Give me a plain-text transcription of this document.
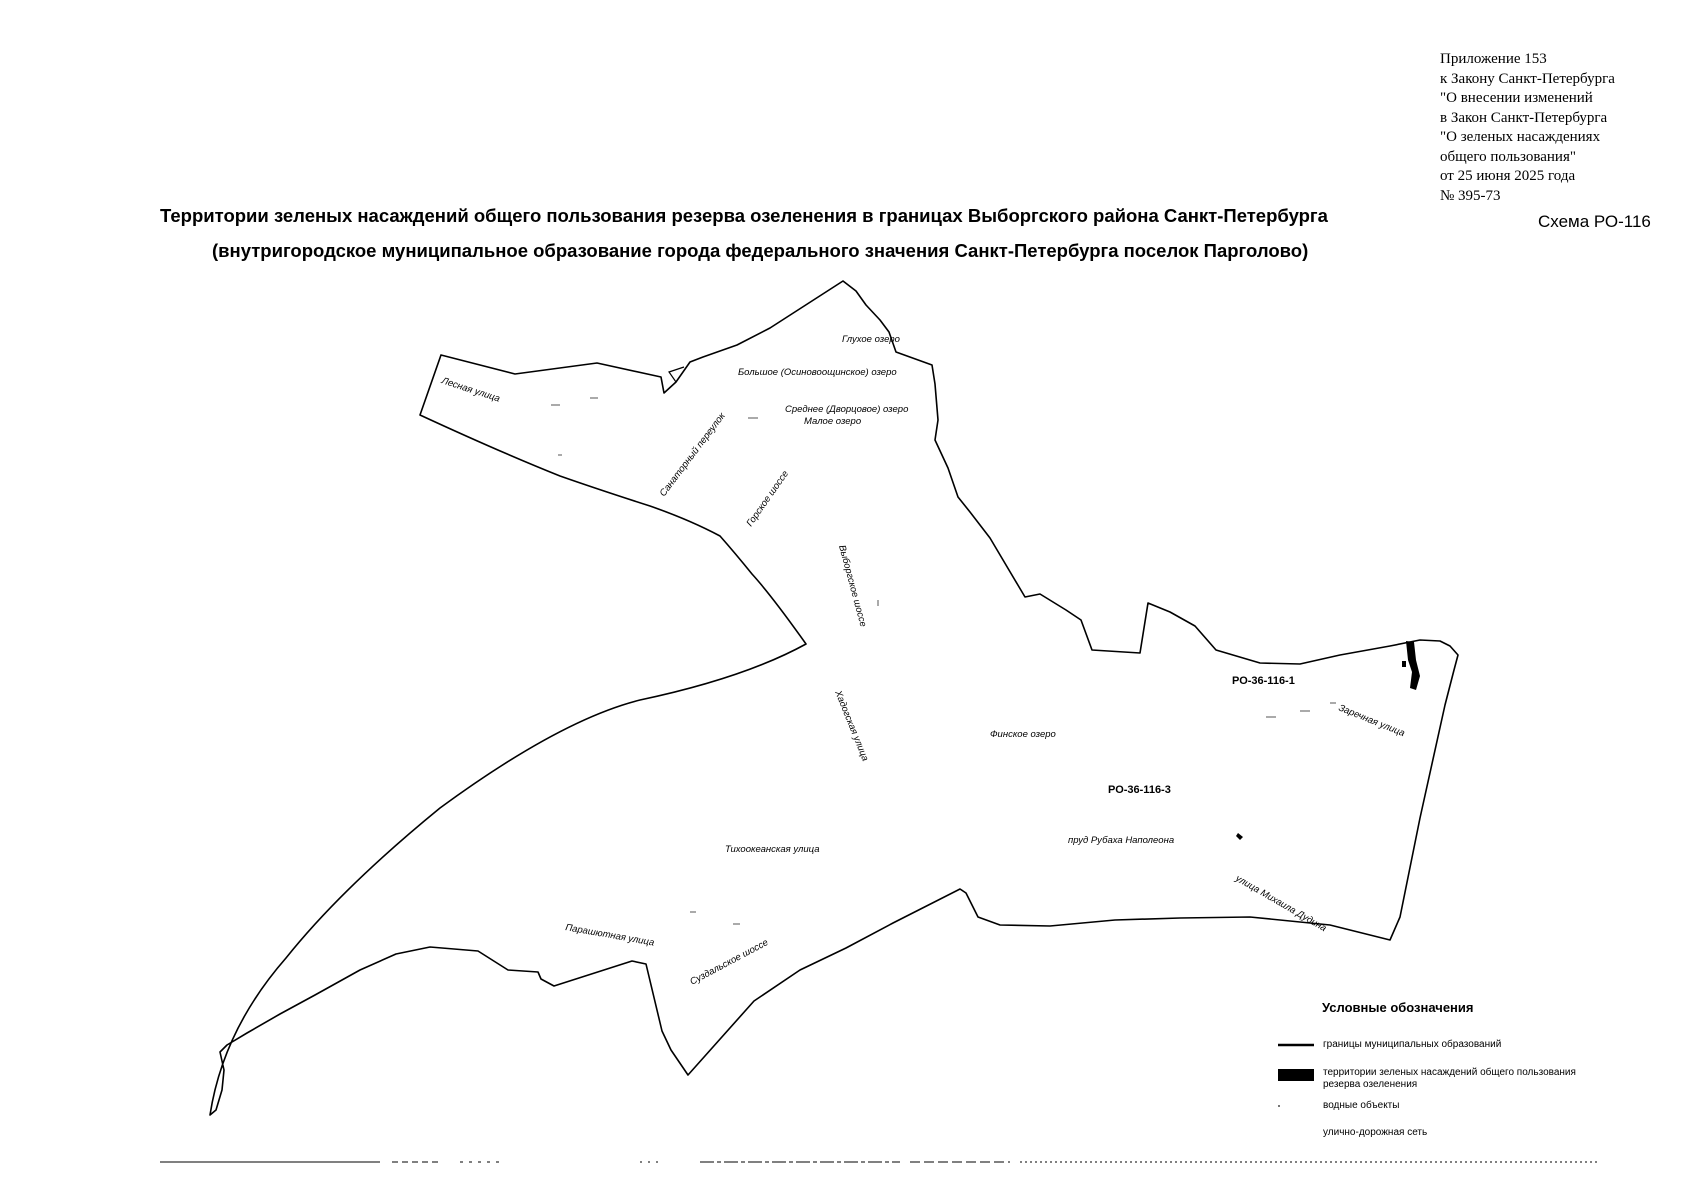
Приложение 153
к Закону Санкт-Петербурга
"О внесении изменений
в Закон Санкт-Петербурга
"О зеленых насаждениях
общего пользования"
от 25 июня 2025 года
№ 395-73
Территории зеленых насаждений общего пользования резерва озеленения в границах Выборгского района Санкт-Петербурга
(внутригородское муниципальное образование города федерального значения Санкт-Петербурга поселок Парголово)
Схема РО-116
Лесная улица
Глухое озеро
Большое (Осиновоощинское) озеро
Среднее (Дворцовое) озеро
Малое озеро
Санаторный переулок Горское шоссе
Выборгское шоссе
Хадогская улица	Финское озеро	Заречная улица
пруд Рубаха Наполеона
улица Михаила Дудина
Тихоокеанская улица
Парашютная улица
Суздальское шоссе
РО-36-116-1
РО-36-116-3
Условные обозначения
границы муниципальных образований
территории зеленых насаждений общего пользования
резерва озеленения
водные объекты
улично-дорожная сеть
